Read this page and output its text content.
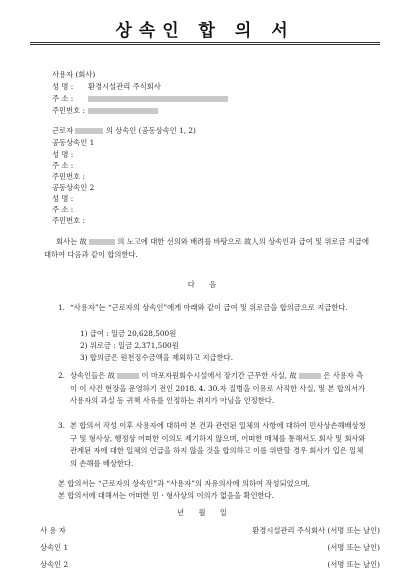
상속인 합 의 서
사용자 (회사)
성 명 : 환경시설관리 주식회사
주 소 :
주민번호 :
근로자	의 상속인 (공동상속인 1, 2)
공동상속인 1
성 명 :
주 소 :
주민번호 :
공동상속인 2
성 명 :
주 소 :
주민번호 :
회사는 故	의 노고에 대한 선의와 배려를 바탕으로 故人의 상속인과 급여 및 위로금 지급에 대하여 다음과 같이 합의한다.
다 음
1. “사용자”는 “근로자의 상속인”에게 아래와 같이 급여 및 위로금을 합의금으로 지급한다.
1) 급여 : 일금 20,628,500원
2) 위로금 : 일금 2,371,500원
3) 합의금은 원천징수금액을 제외하고 지급한다.
2. 상속인들은 故	이 마포자원회수시설에서 장기간 근무한 사실, 故	은 사용자 측이 이 사건 현장을 운영하기 전인 2018. 4. 30.자 질병을 이유로 사직한 사실, 및 본 합의서가 사용자의 과실 등 귀책 사유를 인정하는 취지가 아님을 인정한다.
3. 본 합의서 작성 이후 사용자에 대하여 본 건과 관련된 일체의 사항에 대하여 민사상손해배상청구 및 형사상, 행정상 어떠한 이의도 제기하지 않으며, 어떠한 매체를 통해서도 회사 및 회사와 관계된 자에 대한 일체의 언급을 하지 않을 것을 합의하고 이를 위반할 경우 회사가 입은 일체의 손해를 배상한다.
본 합의서는 “근로자의 상속인”과 “사용자”의 자유의사에 의하여 작성되었으며,
본 합의서에 대해서는 어떠한 민ㆍ형사상의 이의가 없음을 확인한다.
년 월 일
사 용 자	환경시설관리 주식회사 (서명 또는 날인)
상속인 1	(서명 또는 날인)
상속인 2	(서명 또는 날인)
